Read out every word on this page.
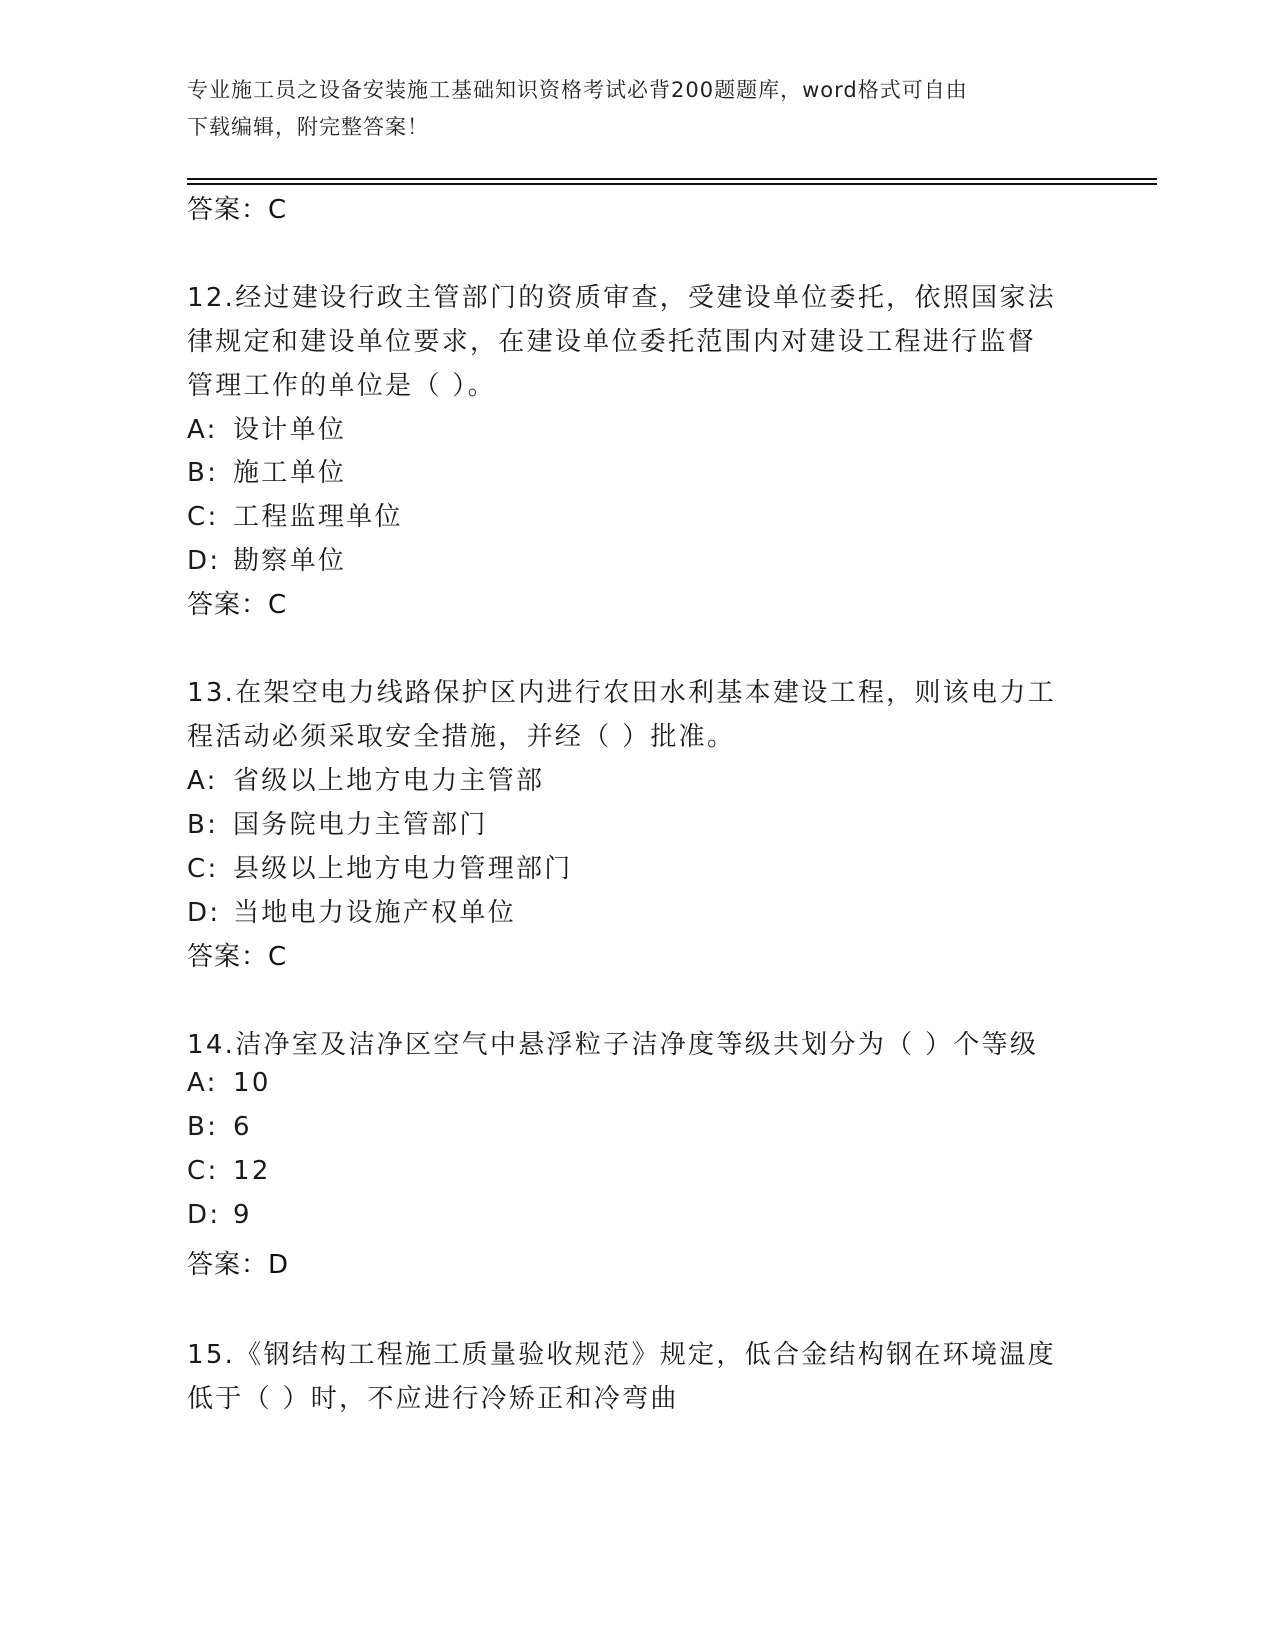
专业施工员之设备安装施工基础知识资格考试必背200题题库，word格式可自由
下载编辑，附完整答案！
答案：C
12.经过建设行政主管部门的资质审查，受建设单位委托，依照国家法
律规定和建设单位要求，在建设单位委托范围内对建设工程进行监督
管理工作的单位是（ ）。
A: 设计单位
B: 施工单位
C: 工程监理单位
D: 勘察单位
答案：C
13.在架空电力线路保护区内进行农田水利基本建设工程，则该电力工
程活动必须采取安全措施，并经（ ）批准。
A: 省级以上地方电力主管部
B: 国务院电力主管部门
C: 县级以上地方电力管理部门
D: 当地电力设施产权单位
答案：C
14.洁净室及洁净区空气中悬浮粒子洁净度等级共划分为（ ）个等级
A: 10
B: 6
C: 12
D: 9
答案：D
15.《钢结构工程施工质量验收规范》规定，低合金结构钢在环境温度
低于（ ）时，不应进行冷矫正和冷弯曲
